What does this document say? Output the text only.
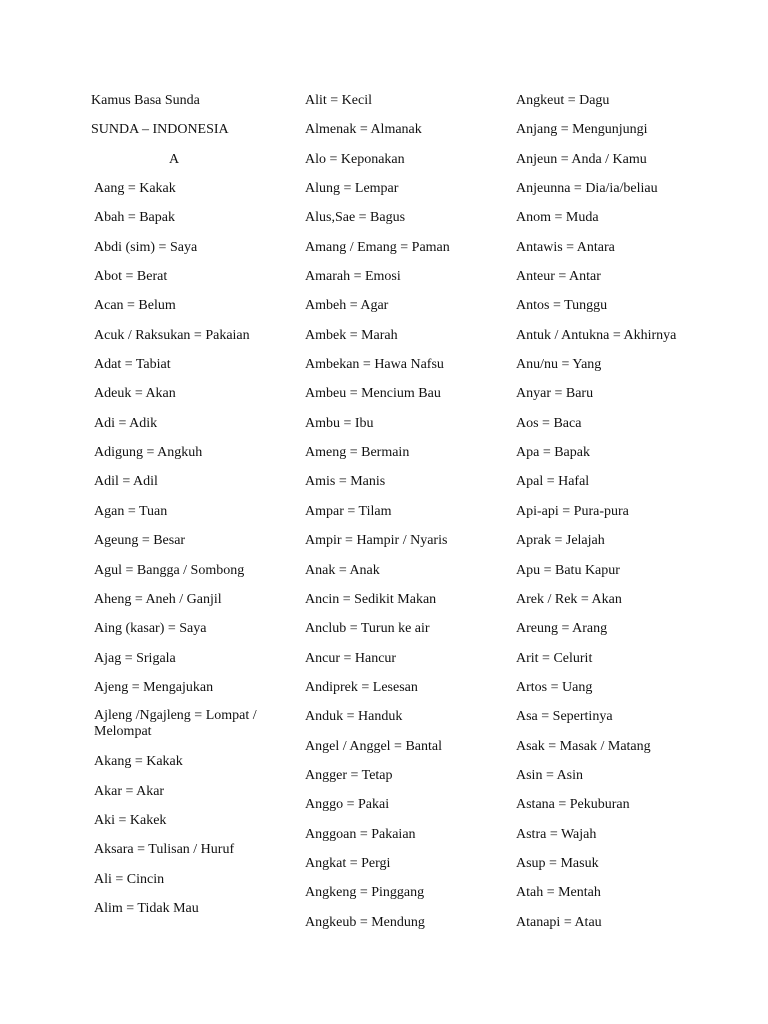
Kamus Basa Sunda
SUNDA – INDONESIA
A
Aang = Kakak
Abah = Bapak
Abdi (sim) = Saya
Abot = Berat
Acan = Belum
Acuk / Raksukan = Pakaian
Adat = Tabiat
Adeuk = Akan
Adi = Adik
Adigung = Angkuh
Adil = Adil
Agan = Tuan
Ageung = Besar
Agul = Bangga / Sombong
Aheng = Aneh / Ganjil
Aing (kasar) = Saya
Ajag = Srigala
Ajeng = Mengajukan
Ajleng /Ngajleng = Lompat / Melompat
Akang = Kakak
Akar = Akar
Aki = Kakek
Aksara = Tulisan / Huruf
Ali = Cincin
Alim = Tidak Mau
Alit = Kecil
Almenak = Almanak
Alo = Keponakan
Alung = Lempar
Alus,Sae = Bagus
Amang / Emang = Paman
Amarah = Emosi
Ambeh = Agar
Ambek = Marah
Ambekan = Hawa Nafsu
Ambeu = Mencium Bau
Ambu = Ibu
Ameng = Bermain
Amis = Manis
Ampar = Tilam
Ampir = Hampir / Nyaris
Anak = Anak
Ancin = Sedikit Makan
Anclub = Turun ke air
Ancur = Hancur
Andiprek = Lesesan
Anduk = Handuk
Angel / Anggel = Bantal
Angger = Tetap
Anggo = Pakai
Anggoan = Pakaian
Angkat = Pergi
Angkeng = Pinggang
Angkeub = Mendung
Angkeut = Dagu
Anjang = Mengunjungi
Anjeun = Anda / Kamu
Anjeunna = Dia/ia/beliau
Anom = Muda
Antawis = Antara
Anteur = Antar
Antos = Tunggu
Antuk / Antukna = Akhirnya
Anu/nu = Yang
Anyar = Baru
Aos = Baca
Apa = Bapak
Apal = Hafal
Api-api = Pura-pura
Aprak = Jelajah
Apu = Batu Kapur
Arek / Rek = Akan
Areung = Arang
Arit = Celurit
Artos = Uang
Asa = Sepertinya
Asak = Masak / Matang
Asin = Asin
Astana = Pekuburan
Astra = Wajah
Asup = Masuk
Atah = Mentah
Atanapi = Atau
